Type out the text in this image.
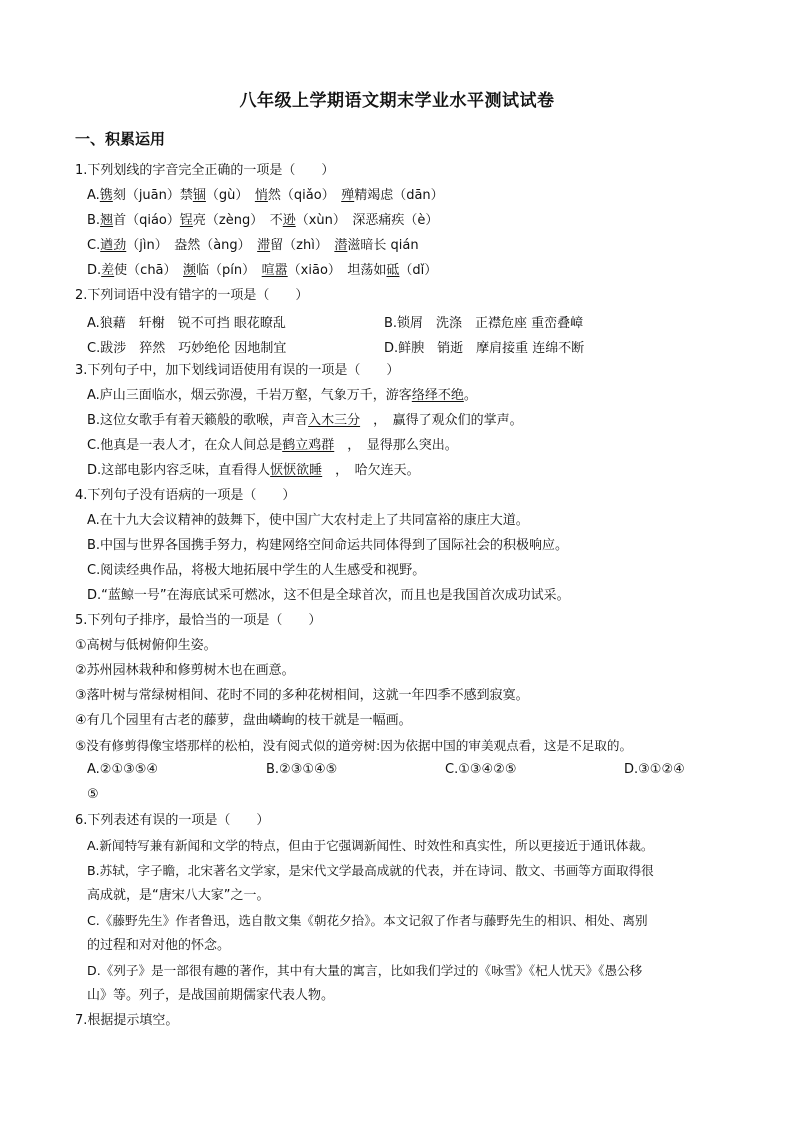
八年级上学期语文期末学业水平测试试卷
一、积累运用
1.下列划线的字音完全正确的一项是（　　）
A.镌刻（juān）禁锢（gù）　悄然（qiǎo）　殚精竭虑（dān）
B.翘首（qiáo）锃亮（zèng）　不逊（xùn）　深恶痛疾（è）
C.遒劲（jìn）　盎然（àng）　滞留（zhì）　潜滋暗长 qián
D.差使（chā）　濒临（pín）　喧嚣（xiāo）　坦荡如砥（dǐ）
2.下列词语中没有错字的一项是（　　）
A.狼藉　轩榭　锐不可挡 眼花瞭乱	B.锁屑　洗涤　正襟危座 重峦叠嶂
C.跋涉　猝然　巧妙绝伦 因地制宜	D.鲜腴　销逝　摩肩接重 连绵不断
3.下列句子中，加下划线词语使用有误的一项是（　　）
A.庐山三面临水，烟云弥漫，千岩万壑，气象万千，游客络绎不绝。
B.这位女歌手有着天籁般的歌喉，声音入木三分　，　赢得了观众们的掌声。
C.他真是一表人才，在众人间总是鹤立鸡群　，　显得那么突出。
D.这部电影内容乏味，直看得人恹恹欲睡　，　哈欠连天。
4.下列句子没有语病的一项是（　　）
A.在十九大会议精神的鼓舞下，使中国广大农村走上了共同富裕的康庄大道。
B.中国与世界各国携手努力，构建网络空间命运共同体得到了国际社会的积极响应。
C.阅读经典作品，将极大地拓展中学生的人生感受和视野。
D.“蓝鲸一号”在海底试采可燃冰，这不但是全球首次，而且也是我国首次成功试采。
5.下列句子排序，最恰当的一项是（　　）
①高树与低树俯仰生姿。
②苏州园林栽种和修剪树木也在画意。
③落叶树与常绿树相间、花时不同的多种花树相间，这就一年四季不感到寂寞。
④有几个园里有古老的藤萝，盘曲嶙峋的枝干就是一幅画。
⑤没有修剪得像宝塔那样的松柏，没有阅式似的道旁树:因为依据中国的审美观点看，这是不足取的。
A.②①③⑤④	B.②③①④⑤	C.①③④②⑤	D.③①②④
⑤
6.下列表述有误的一项是（　　）
A.新闻特写兼有新闻和文学的特点，但由于它强调新闻性、时效性和真实性，所以更接近于通讯体裁。
B.苏轼，字子瞻，北宋著名文学家，是宋代文学最高成就的代表，并在诗词、散文、书画等方面取得很
高成就，是“唐宋八大家”之一。
C.《藤野先生》作者鲁迅，选自散文集《朝花夕拾》。本文记叙了作者与藤野先生的相识、相处、离别
的过程和对对他的怀念。
D.《列子》是一部很有趣的著作，其中有大量的寓言，比如我们学过的《咏雪》《杞人忧天》《愚公移
山》等。列子，是战国前期儒家代表人物。
7.根据提示填空。
